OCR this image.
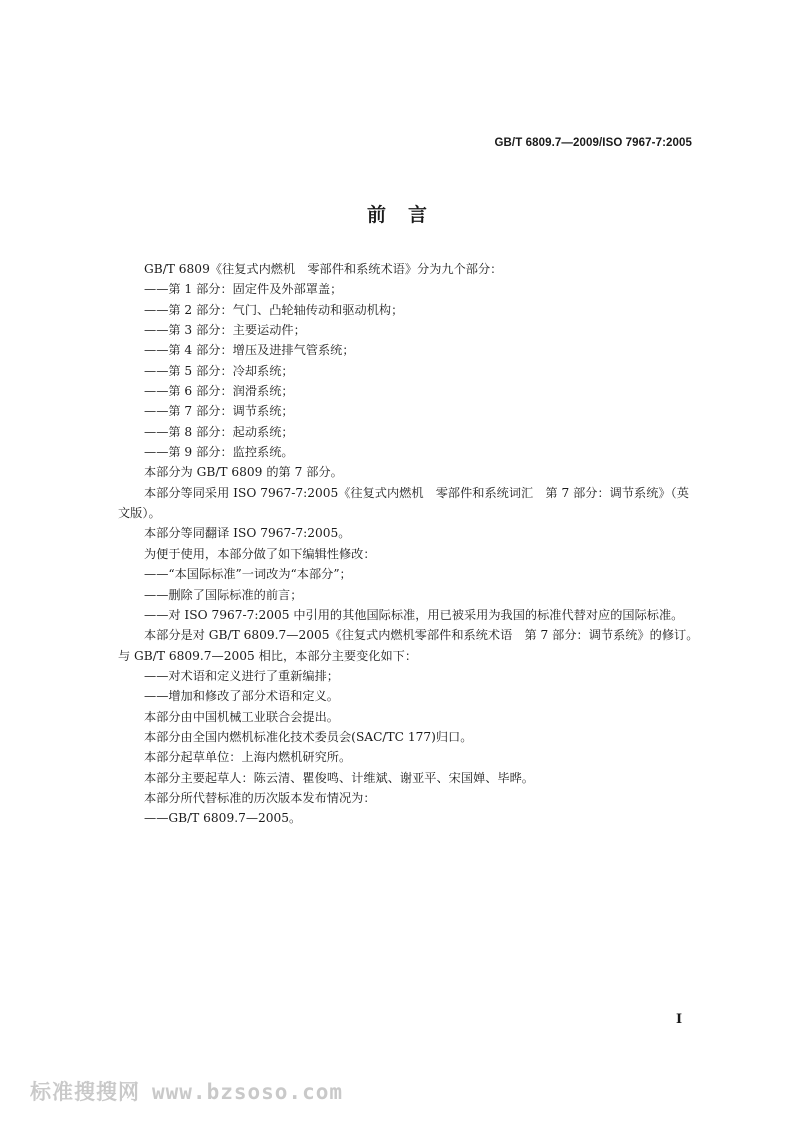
GB/T 6809.7—2009/ISO 7967-7:2005
前言
GB/T 6809《往复式内燃机　零部件和系统术语》分为九个部分：
——第 1 部分：固定件及外部罩盖；
——第 2 部分：气门、凸轮轴传动和驱动机构；
——第 3 部分：主要运动件；
——第 4 部分：增压及进排气管系统；
——第 5 部分：冷却系统；
——第 6 部分：润滑系统；
——第 7 部分：调节系统；
——第 8 部分：起动系统；
——第 9 部分：监控系统。
本部分为 GB/T 6809 的第 7 部分。
本部分等同采用 ISO 7967-7:2005《往复式内燃机　零部件和系统词汇　第 7 部分：调节系统》（英
文版）。
本部分等同翻译 ISO 7967-7:2005。
为便于使用，本部分做了如下编辑性修改：
——“本国际标准”一词改为“本部分”；
——删除了国际标准的前言；
——对 ISO 7967-7:2005 中引用的其他国际标准，用已被采用为我国的标准代替对应的国际标准。
本部分是对 GB/T 6809.7—2005《往复式内燃机零部件和系统术语　第 7 部分：调节系统》的修订。
与 GB/T 6809.7—2005 相比，本部分主要变化如下：
——对术语和定义进行了重新编排；
——增加和修改了部分术语和定义。
本部分由中国机械工业联合会提出。
本部分由全国内燃机标准化技术委员会(SAC/TC 177)归口。
本部分起草单位：上海内燃机研究所。
本部分主要起草人：陈云清、瞿俊鸣、计维斌、谢亚平、宋国婵、毕晔。
本部分所代替标准的历次版本发布情况为：
——GB/T 6809.7—2005。
I
标准搜搜网 www.bzsoso.com
